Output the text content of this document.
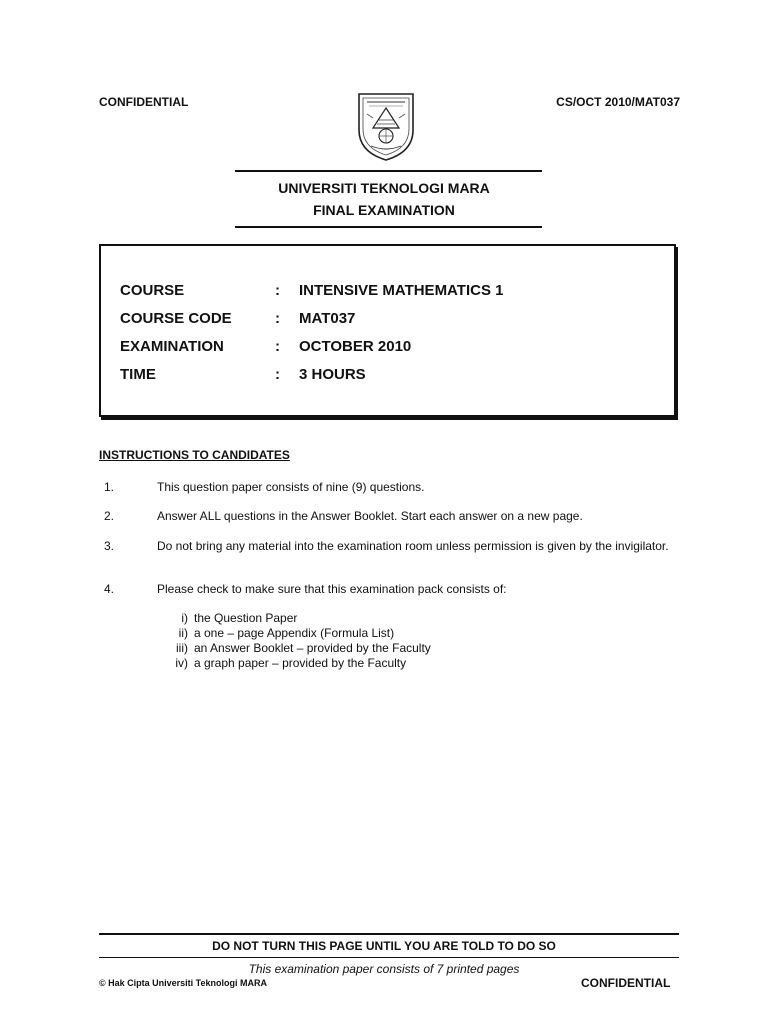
CONFIDENTIAL	CS/OCT 2010/MAT037
UNIVERSITI TEKNOLOGI MARA
FINAL EXAMINATION
COURSE	: INTENSIVE MATHEMATICS 1
COURSE CODE	: MAT037
EXAMINATION	: OCTOBER 2010
TIME	: 3 HOURS
INSTRUCTIONS TO CANDIDATES
1.	This question paper consists of nine (9) questions.
2.	Answer ALL questions in the Answer Booklet. Start each answer on a new page.
3.	Do not bring any material into the examination room unless permission is given by the invigilator.
4.	Please check to make sure that this examination pack consists of:
i) the Question Paper
ii) a one – page Appendix (Formula List)
iii) an Answer Booklet – provided by the Faculty
iv) a graph paper – provided by the Faculty
DO NOT TURN THIS PAGE UNTIL YOU ARE TOLD TO DO SO
This examination paper consists of 7 printed pages
© Hak Cipta Universiti Teknologi MARA	CONFIDENTIAL
